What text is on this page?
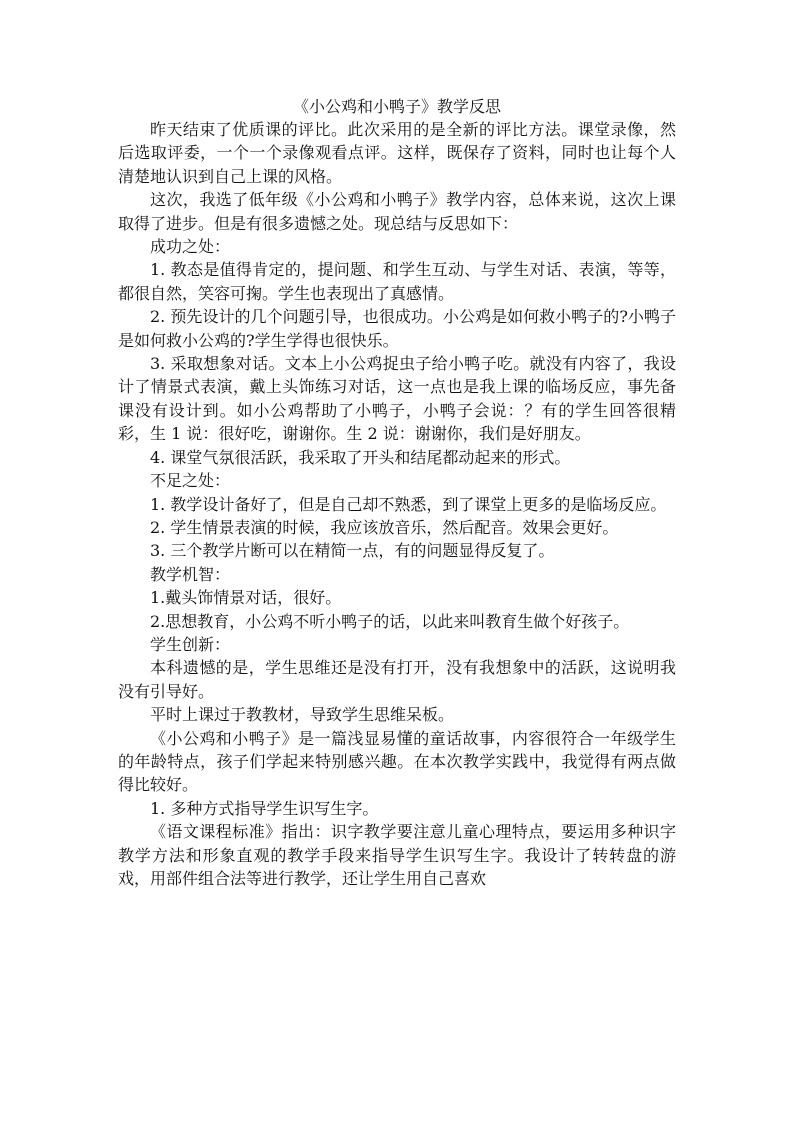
《小公鸡和小鸭子》教学反思

昨天结束了优质课的评比。此次采用的是全新的评比方法。课堂录像，然后选取评委，一个一个录像观看点评。这样，既保存了资料，同时也让每个人清楚地认识到自己上课的风格。

这次，我选了低年级《小公鸡和小鸭子》教学内容，总体来说，这次上课取得了进步。但是有很多遗憾之处。现总结与反思如下：

成功之处：

1. 教态是值得肯定的，提问题、和学生互动、与学生对话、表演，等等，都很自然，笑容可掬。学生也表现出了真感情。

2. 预先设计的几个问题引导，也很成功。小公鸡是如何救小鸭子的?小鸭子是如何救小公鸡的?学生学得也很快乐。

3. 采取想象对话。文本上小公鸡捉虫子给小鸭子吃。就没有内容了，我设计了情景式表演，戴上头饰练习对话，这一点也是我上课的临场反应，事先备课没有设计到。如小公鸡帮助了小鸭子，小鸭子会说：？有的学生回答很精彩，生 1 说：很好吃，谢谢你。生 2 说：谢谢你，我们是好朋友。

4. 课堂气氛很活跃，我采取了开头和结尾都动起来的形式。

不足之处：

1. 教学设计备好了，但是自己却不熟悉，到了课堂上更多的是临场反应。

2. 学生情景表演的时候，我应该放音乐，然后配音。效果会更好。

3. 三个教学片断可以在精简一点，有的问题显得反复了。

教学机智：

1.戴头饰情景对话，很好。

2.思想教育，小公鸡不听小鸭子的话，以此来叫教育生做个好孩子。

学生创新：

本科遗憾的是，学生思维还是没有打开，没有我想象中的活跃，这说明我没有引导好。

平时上课过于教教材，导致学生思维呆板。

《小公鸡和小鸭子》是一篇浅显易懂的童话故事，内容很符合一年级学生的年龄特点，孩子们学起来特别感兴趣。在本次教学实践中，我觉得有两点做得比较好。

1. 多种方式指导学生识写生字。

《语文课程标准》指出：识字教学要注意儿童心理特点，要运用多种识字教学方法和形象直观的教学手段来指导学生识写生字。我设计了转转盘的游戏，用部件组合法等进行教学，还让学生用自己喜欢
